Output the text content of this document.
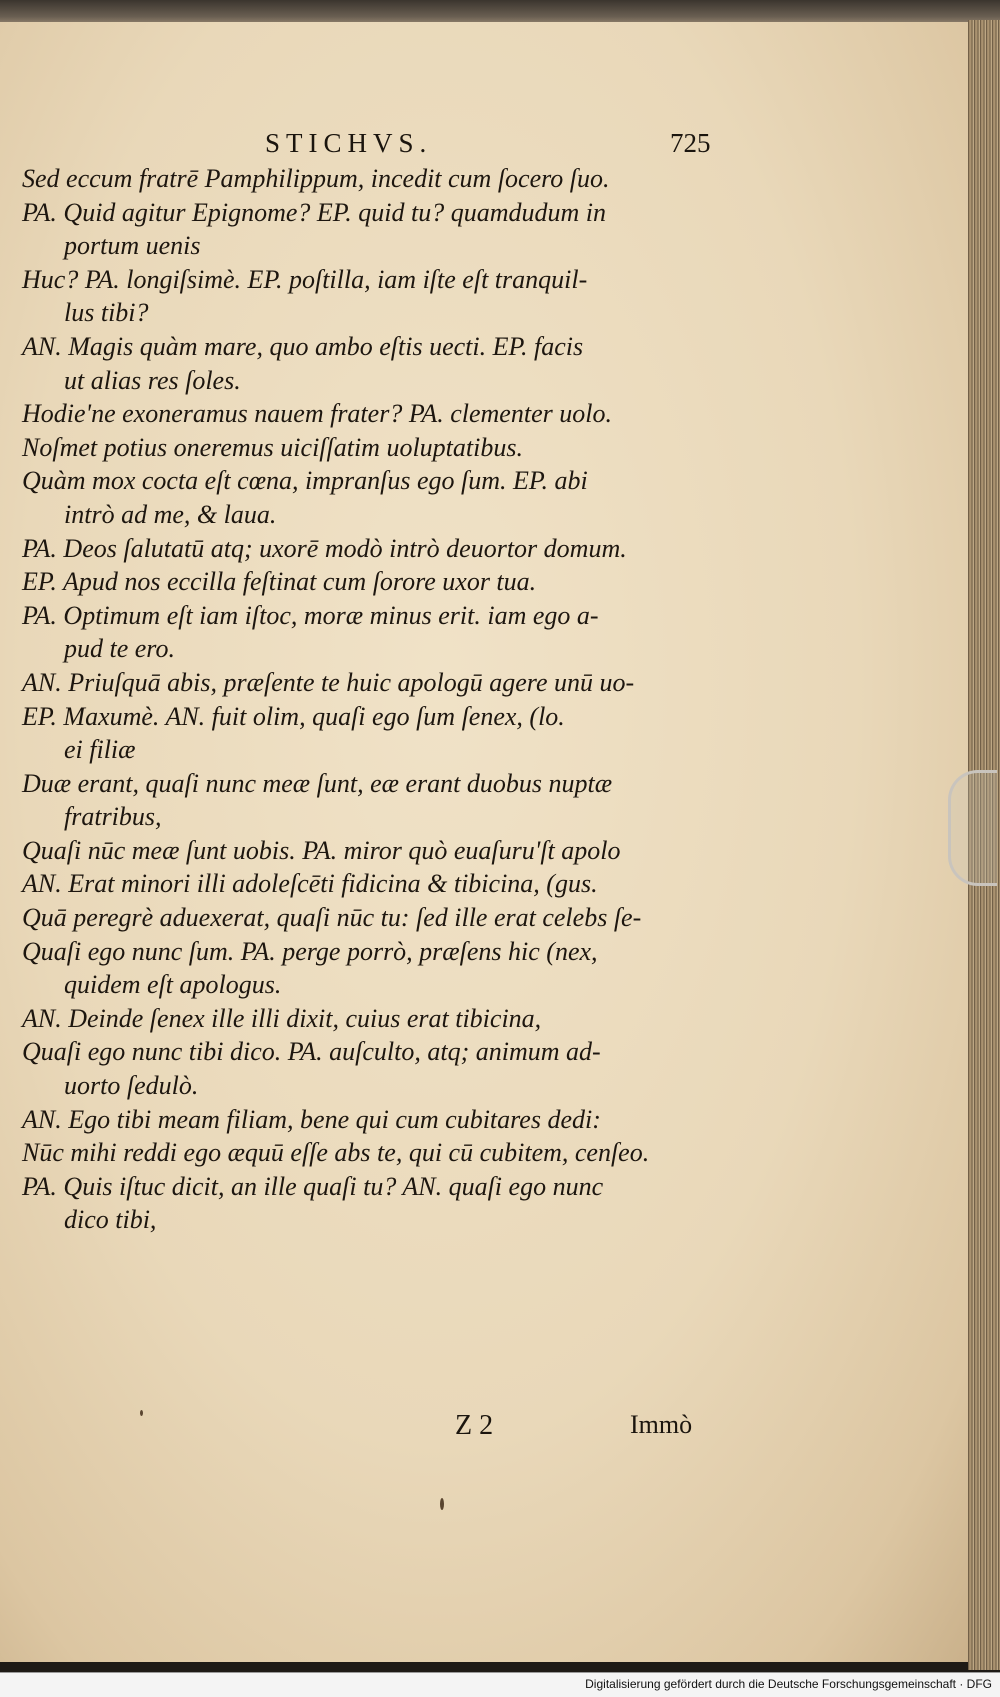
STICHVS.	725
Sed eccum fratrē Pamphilippum, incedit cum ſocero ſuo.
PA. Quid agitur Epignome? EP. quid tu? quamdudum in
portum uenis
Huc? PA. longiſsimè. EP. poſtilla, iam iſte eſt tranquil-
lus tibi?
AN. Magis quàm mare, quo ambo eſtis uecti. EP. facis
ut alias res ſoles.
Hodie'ne exoneramus nauem frater? PA. clementer uolo.
Noſmet potius oneremus uiciſſatim uoluptatibus.
Quàm mox cocta eſt cœna, impranſus ego ſum. EP. abi
intrò ad me, & laua.
PA. Deos ſalutatū atq; uxorē modò intrò deuortor domum.
EP. Apud nos eccilla feſtinat cum ſorore uxor tua.
PA. Optimum eſt iam iſtoc, moræ minus erit. iam ego a-
pud te ero.
AN. Priuſquā abis, præſente te huic apologū agere unū uo-
EP. Maxumè. AN. fuit olim, quaſi ego ſum ſenex, (lo.
ei filiæ
Duæ erant, quaſi nunc meæ ſunt, eæ erant duobus nuptæ
fratribus,
Quaſi nūc meæ ſunt uobis. PA. miror quò euaſuru'ſt apolo
AN. Erat minori illi adoleſcēti fidicina & tibicina, (gus.
Quā peregrè aduexerat, quaſi nūc tu: ſed ille erat celebs ſe-
Quaſi ego nunc ſum. PA. perge porrò, præſens hic (nex,
quidem eſt apologus.
AN. Deinde ſenex ille illi dixit, cuius erat tibicina,
Quaſi ego nunc tibi dico. PA. auſculto, atq; animum ad-
uorto ſedulò.
AN. Ego tibi meam filiam, bene qui cum cubitares dedi:
Nūc mihi reddi ego æquū eſſe abs te, qui cū cubitem, cenſeo.
PA. Quis iſtuc dicit, an ille quaſi tu? AN. quaſi ego nunc
dico tibi,
Z 2	Immò
Digitalisierung gefördert durch die Deutsche Forschungsgemeinschaft · DFG
